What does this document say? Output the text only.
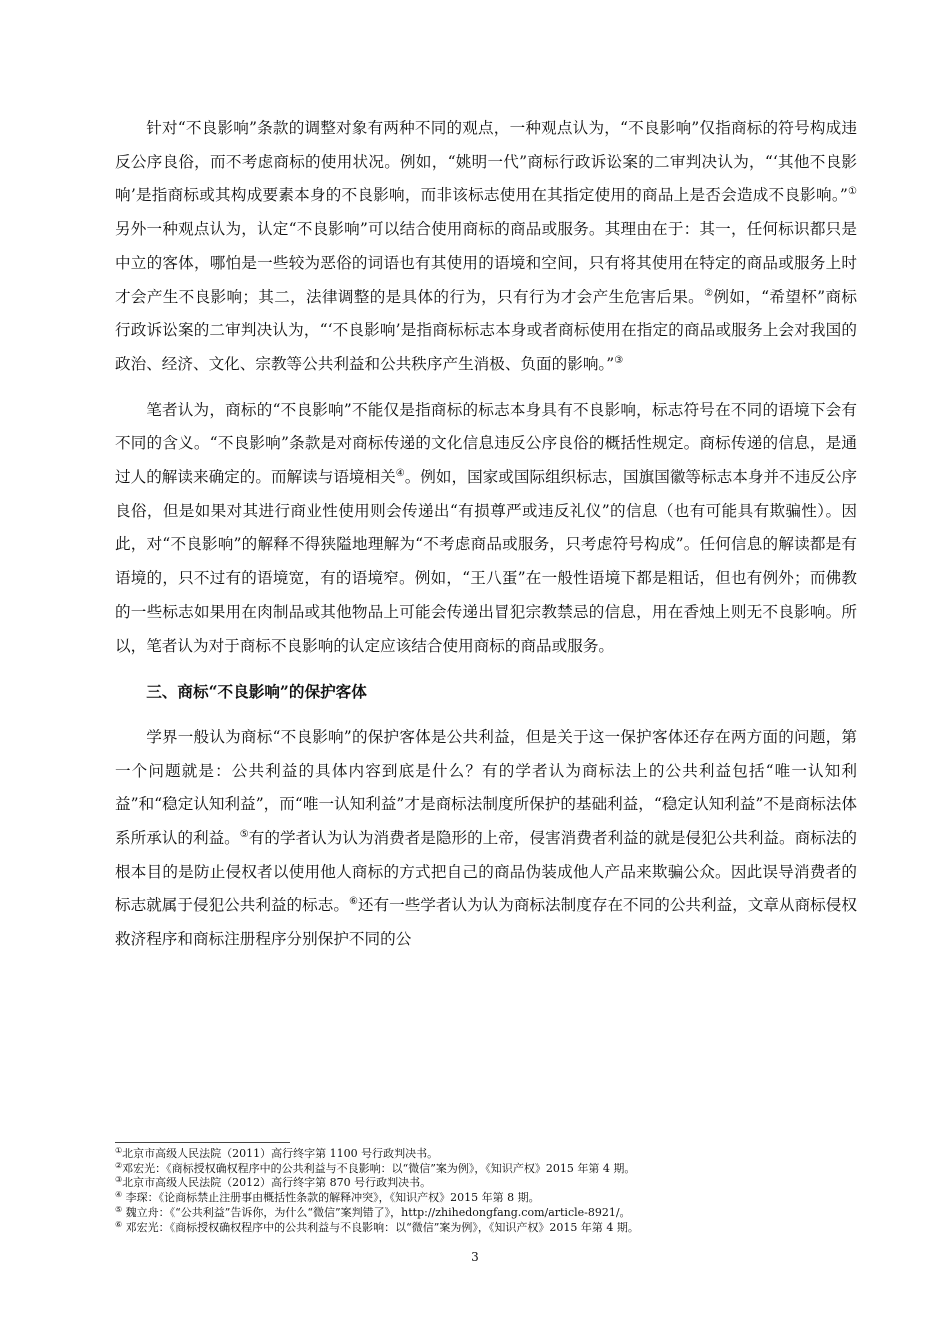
针对“不良影响”条款的调整对象有两种不同的观点，一种观点认为，“不良影响”仅指商标的符号构成违反公序良俗，而不考虑商标的使用状况。例如，“姚明一代”商标行政诉讼案的二审判决认为，“‘其他不良影响’是指商标或其构成要素本身的不良影响，而非该标志使用在其指定使用的商品上是否会造成不良影响。”①另外一种观点认为，认定“不良影响”可以结合使用商标的商品或服务。其理由在于：其一，任何标识都只是中立的客体，哪怕是一些较为恶俗的词语也有其使用的语境和空间，只有将其使用在特定的商品或服务上时才会产生不良影响；其二，法律调整的是具体的行为，只有行为才会产生危害后果。②例如，“希望杯”商标行政诉讼案的二审判决认为，“‘不良影响’是指商标标志本身或者商标使用在指定的商品或服务上会对我国的政治、经济、文化、宗教等公共利益和公共秩序产生消极、负面的影响。”③

笔者认为，商标的“不良影响”不能仅是指商标的标志本身具有不良影响，标志符号在不同的语境下会有不同的含义。“不良影响”条款是对商标传递的文化信息违反公序良俗的概括性规定。商标传递的信息，是通过人的解读来确定的。而解读与语境相关④。例如，国家或国际组织标志，国旗国徽等标志本身并不违反公序良俗，但是如果对其进行商业性使用则会传递出“有损尊严或违反礼仪”的信息（也有可能具有欺骗性）。因此，对“不良影响”的解释不得狭隘地理解为“不考虑商品或服务，只考虑符号构成”。任何信息的解读都是有语境的，只不过有的语境宽，有的语境窄。例如，“王八蛋”在一般性语境下都是粗话，但也有例外；而佛教的一些标志如果用在肉制品或其他物品上可能会传递出冒犯宗教禁忌的信息，用在香烛上则无不良影响。所以，笔者认为对于商标不良影响的认定应该结合使用商标的商品或服务。

三、商标“不良影响”的保护客体

学界一般认为商标“不良影响”的保护客体是公共利益，但是关于这一保护客体还存在两方面的问题，第一个问题就是：公共利益的具体内容到底是什么？有的学者认为商标法上的公共利益包括“唯一认知利益”和“稳定认知利益”，而“唯一认知利益”才是商标法制度所保护的基础利益，“稳定认知利益”不是商标法体系所承认的利益。⑤有的学者认为认为消费者是隐形的上帝，侵害消费者利益的就是侵犯公共利益。商标法的根本目的是防止侵权者以使用他人商标的方式把自己的商品伪装成他人产品来欺骗公众。因此误导消费者的标志就属于侵犯公共利益的标志。⑥还有一些学者认为认为商标法制度存在不同的公共利益，文章从商标侵权救济程序和商标注册程序分别保护不同的公

①北京市高级人民法院（2011）高行终字第 1100 号行政判决书。
②邓宏光：《商标授权确权程序中的公共利益与不良影响：以“微信”案为例》，《知识产权》2015 年第 4 期。
③北京市高级人民法院（2012）高行终字第 870 号行政判决书。
④ 李琛：《论商标禁止注册事由概括性条款的解释冲突》，《知识产权》2015 年第 8 期。
⑤ 魏立舟：《“公共利益”告诉你，为什么“微信”案判错了》，http://zhihedongfang.com/article-8921/。
⑥ 邓宏光：《商标授权确权程序中的公共利益与不良影响：以“微信”案为例》，《知识产权》2015 年第 4 期。
3
